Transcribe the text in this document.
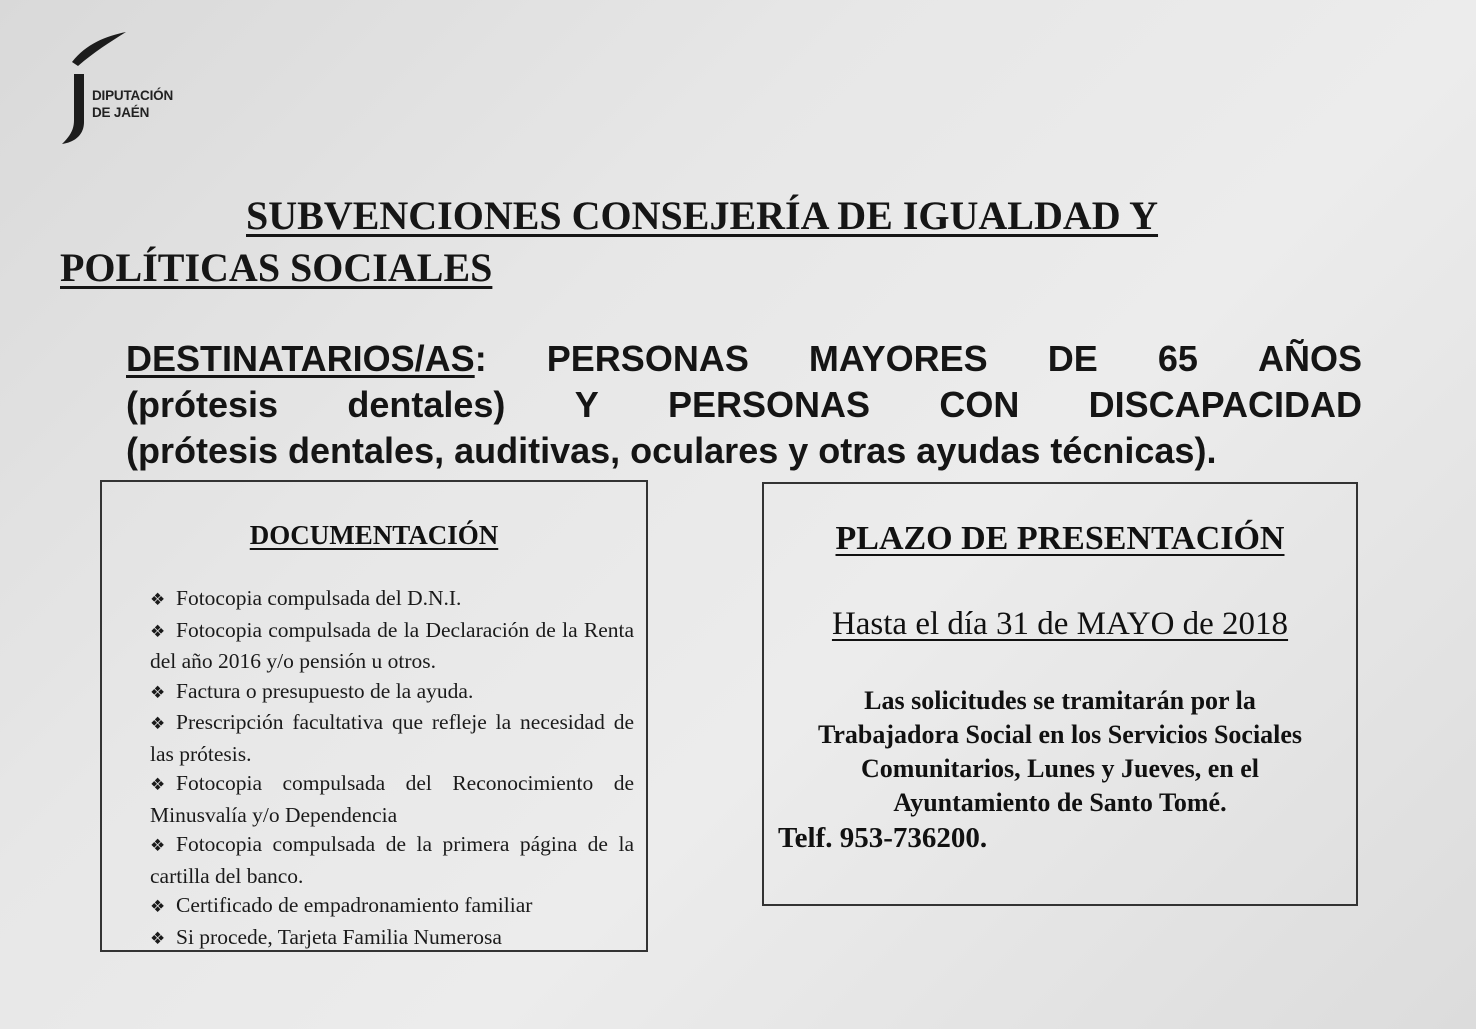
DIPUTACIÓN
DE JAÉN
SUBVENCIONES CONSEJERÍA DE IGUALDAD Y
POLÍTICAS SOCIALES
DESTINATARIOS/AS: PERSONAS MAYORES DE 65 AÑOS
(prótesis dentales) Y PERSONAS CON DISCAPACIDAD
(prótesis dentales, auditivas, oculares y otras ayudas técnicas).
DOCUMENTACIÓN
❖ Fotocopia compulsada del D.N.I.
❖ Fotocopia compulsada de la Declaración de la Renta del año 2016 y/o pensión u otros.
❖ Factura o presupuesto de la ayuda.
❖ Prescripción facultativa que refleje la necesidad de las prótesis.
❖ Fotocopia compulsada del Reconocimiento de Minusvalía y/o Dependencia
❖ Fotocopia compulsada de la primera página de la cartilla del banco.
❖ Certificado de empadronamiento familiar
❖ Si procede, Tarjeta Familia Numerosa
PLAZO DE PRESENTACIÓN
Hasta el día 31 de MAYO de 2018
Las solicitudes se tramitarán por la
Trabajadora Social en los Servicios Sociales
Comunitarios, Lunes y Jueves, en el
Ayuntamiento de Santo Tomé.
Telf. 953-736200.
